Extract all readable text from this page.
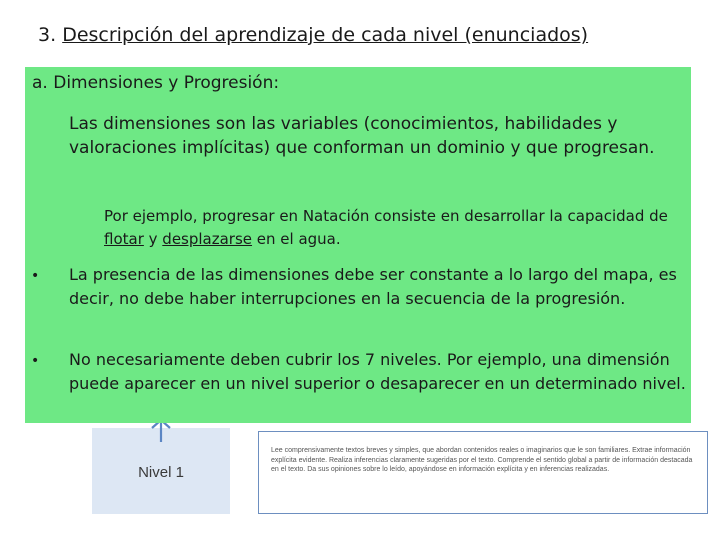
3. Descripción del aprendizaje de cada nivel (enunciados)
Nivel 1
Lee comprensivamente textos breves y simples, que abordan contenidos reales o imaginarios que le son familiares. Extrae información explícita evidente. Realiza inferencias claramente sugeridas por el texto. Comprende el sentido global a partir de información destacada en el texto. Da sus opiniones sobre lo leído, apoyándose en información explícita y en inferencias realizadas.
a. Dimensiones y Progresión:
Las dimensiones son las variables (conocimientos, habilidades y valoraciones implícitas) que conforman un dominio y que progresan.
Por ejemplo, progresar en Natación consiste en desarrollar la capacidad de flotar y desplazarse en el agua.
• La presencia de las dimensiones debe ser constante a lo largo del mapa, es decir, no debe haber interrupciones en la secuencia de la progresión.
• No necesariamente deben cubrir los 7 niveles. Por ejemplo, una dimensión puede aparecer en un nivel superior o desaparecer en un determinado nivel.
